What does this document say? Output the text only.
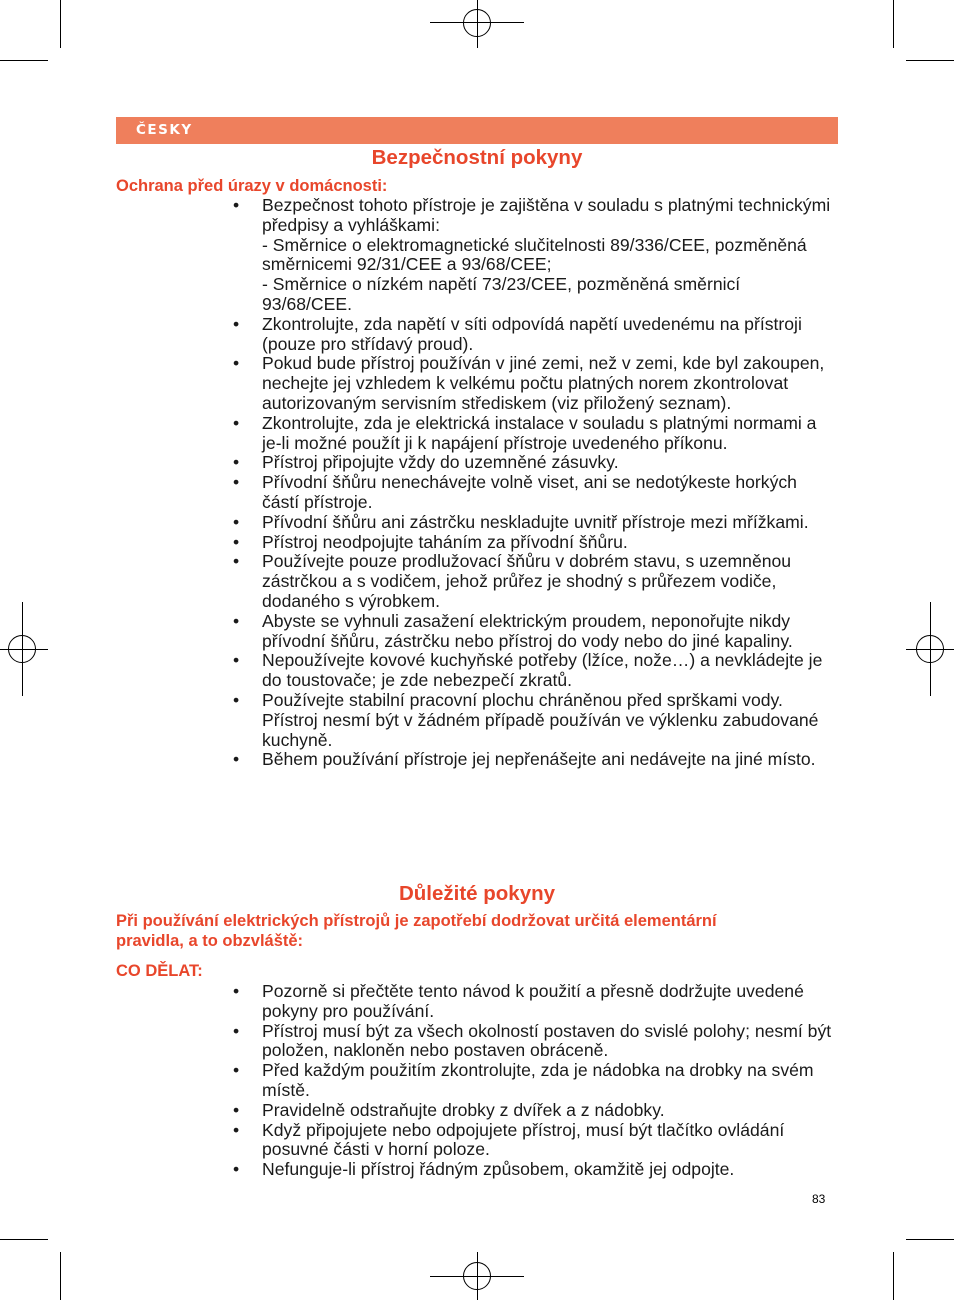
ČESKY
Bezpečnostní pokyny
Ochrana před úrazy v domácnosti:
• Bezpečnost tohoto přístroje je zajištěna v souladu s platnými technickými předpisy a vyhláškami:
- Směrnice o elektromagnetické slučitelnosti 89/336/CEE, pozměněná směrnicemi 92/31/CEE a 93/68/CEE;
- Směrnice o nízkém napětí 73/23/CEE, pozměněná směrnicí 93/68/CEE.
• Zkontrolujte, zda napětí v síti odpovídá napětí uvedenému na přístroji (pouze pro střídavý proud).
• Pokud bude přístroj používán v jiné zemi, než v zemi, kde byl zakoupen, nechejte jej vzhledem k velkému počtu platných norem zkontrolovat autorizovaným servisním střediskem (viz přiložený seznam).
• Zkontrolujte, zda je elektrická instalace v souladu s platnými normami a je-li možné použít ji k napájení přístroje uvedeného příkonu.
• Přístroj připojujte vždy do uzemněné zásuvky.
• Přívodní šňůru nenechávejte volně viset, ani se nedotýkeste horkých částí přístroje.
• Přívodní šňůru ani zástrčku neskladujte uvnitř přístroje mezi mřížkami.
• Přístroj neodpojujte taháním za přívodní šňůru.
• Používejte pouze prodlužovací šňůru v dobrém stavu, s uzemněnou zástrčkou a s vodičem, jehož průřez je shodný s průřezem vodiče, dodaného s výrobkem.
• Abyste se vyhnuli zasažení elektrickým proudem, neponořujte nikdy přívodní šňůru, zástrčku nebo přístroj do vody nebo do jiné kapaliny.
• Nepoužívejte kovové kuchyňské potřeby (lžíce, nože…) a nevkládejte je do toustovače; je zde nebezpečí zkratů.
• Používejte stabilní pracovní plochu chráněnou před sprškami vody. Přístroj nesmí být v žádném případě používán ve výklenku zabudované kuchyně.
• Během používání přístroje jej nepřenášejte ani nedávejte na jiné místo.
Důležité pokyny
Při používání elektrických přístrojů je zapotřebí dodržovat určitá elementární pravidla, a to obzvláště:
CO DĚLAT:
• Pozorně si přečtěte tento návod k použití a přesně dodržujte uvedené pokyny pro používání.
• Přístroj musí být za všech okolností postaven do svislé polohy; nesmí být položen, nakloněn nebo postaven obráceně.
• Před každým použitím zkontrolujte, zda je nádobka na drobky na svém místě.
• Pravidelně odstraňujte drobky z dvířek a z nádobky.
• Když připojujete nebo odpojujete přístroj, musí být tlačítko ovládání posuvné části v horní poloze.
• Nefunguje-li přístroj řádným způsobem, okamžitě jej odpojte.
83
